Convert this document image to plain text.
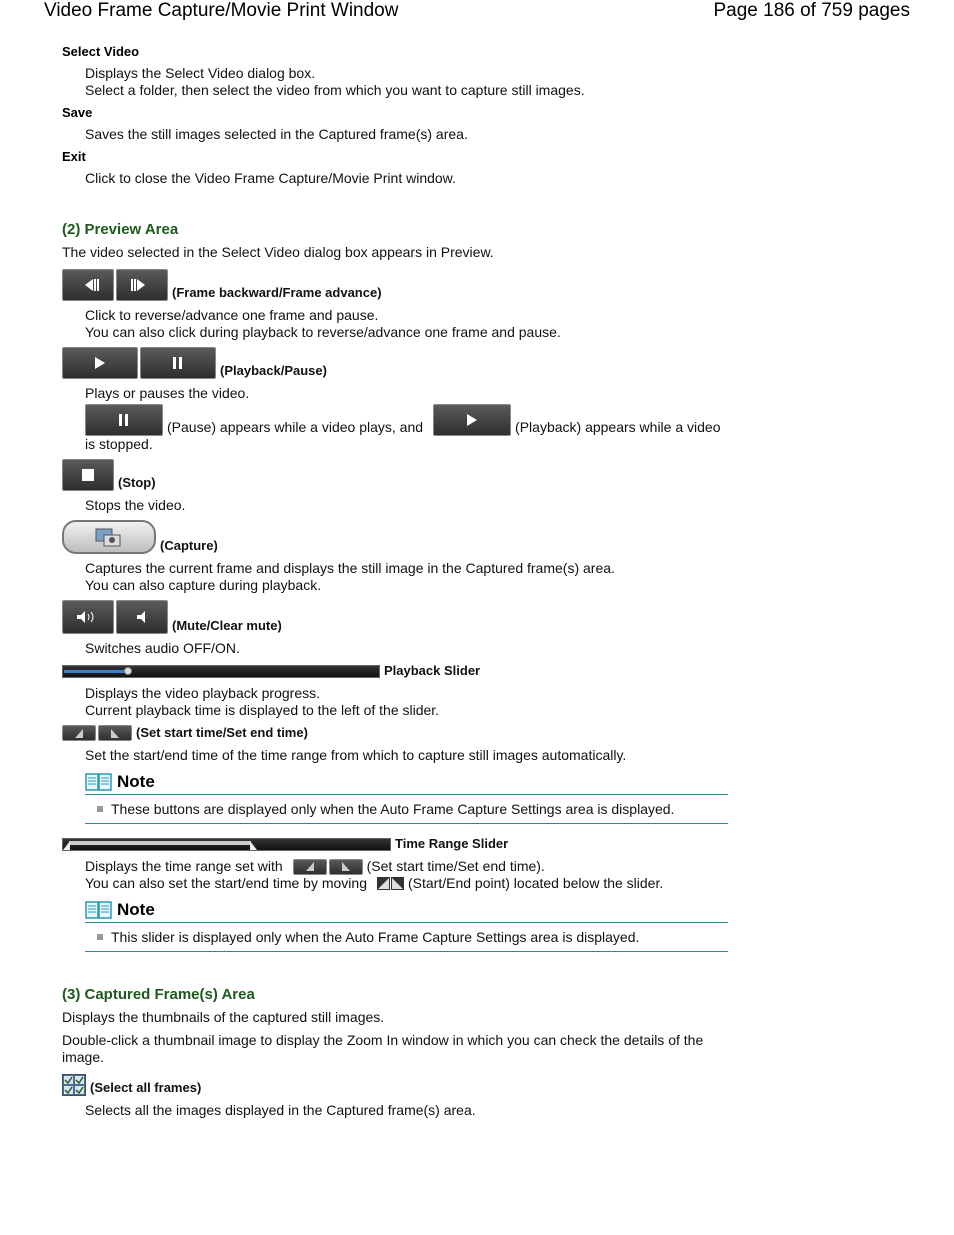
Video Frame Capture/Movie Print Window	Page 186 of 759 pages
Select Video
Displays the Select Video dialog box.
Select a folder, then select the video from which you want to capture still images.
Save
Saves the still images selected in the Captured frame(s) area.
Exit
Click to close the Video Frame Capture/Movie Print window.
(2) Preview Area
The video selected in the Select Video dialog box appears in Preview.
(Frame backward/Frame advance)
Click to reverse/advance one frame and pause.
You can also click during playback to reverse/advance one frame and pause.
(Playback/Pause)
Plays or pauses the video.
(Pause) appears while a video plays, and	(Playback) appears while a video
is stopped.
(Stop)
Stops the video.
(Capture)
Captures the current frame and displays the still image in the Captured frame(s) area.
You can also capture during playback.
(Mute/Clear mute)
Switches audio OFF/ON.
Playback Slider
Displays the video playback progress.
Current playback time is displayed to the left of the slider.
(Set start time/Set end time)
Set the start/end time of the time range from which to capture still images automatically.
Note
These buttons are displayed only when the Auto Frame Capture Settings area is displayed.
Time Range Slider
Displays the time range set with	(Set start time/Set end time).
You can also set the start/end time by moving	(Start/End point) located below the slider.
Note
This slider is displayed only when the Auto Frame Capture Settings area is displayed.
(3) Captured Frame(s) Area
Displays the thumbnails of the captured still images.
Double-click a thumbnail image to display the Zoom In window in which you can check the details of the image.
(Select all frames)
Selects all the images displayed in the Captured frame(s) area.
